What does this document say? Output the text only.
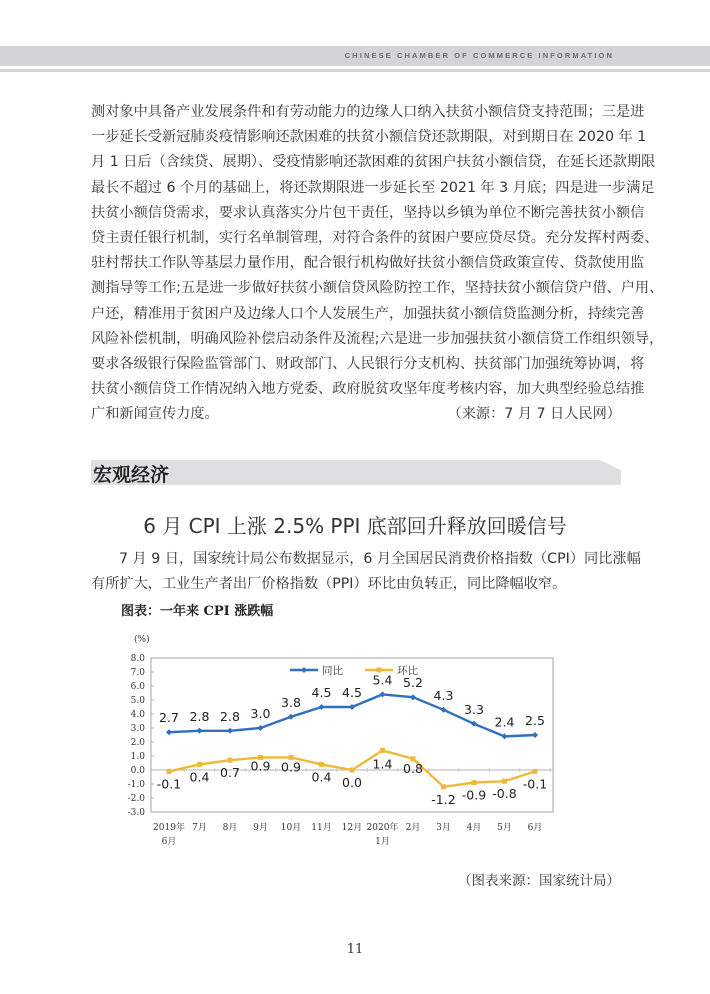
CHINESE CHAMBER OF COMMERCE INFORMATION
测对象中具备产业发展条件和有劳动能力的边缘人口纳入扶贫小额信贷支持范围；三是进
一步延长受新冠肺炎疫情影响还款困难的扶贫小额信贷还款期限，对到期日在 2020 年 1
月 1 日后（含续贷、展期）、受疫情影响还款困难的贫困户扶贫小额信贷，在延长还款期限
最长不超过 6 个月的基础上，将还款期限进一步延长至 2021 年 3 月底；四是进一步满足
扶贫小额信贷需求，要求认真落实分片包干责任，坚持以乡镇为单位不断完善扶贫小额信
贷主责任银行机制，实行名单制管理，对符合条件的贫困户要应贷尽贷。充分发挥村两委、
驻村帮扶工作队等基层力量作用，配合银行机构做好扶贫小额信贷政策宣传、贷款使用监
测指导等工作;五是进一步做好扶贫小额信贷风险防控工作，坚持扶贫小额信贷户借、户用、
户还，精准用于贫困户及边缘人口个人发展生产，加强扶贫小额信贷监测分析，持续完善
风险补偿机制，明确风险补偿启动条件及流程;六是进一步加强扶贫小额信贷工作组织领导，
要求各级银行保险监管部门、财政部门、人民银行分支机构、扶贫部门加强统筹协调，将
扶贫小额信贷工作情况纳入地方党委、政府脱贫攻坚年度考核内容，加大典型经验总结推
广和新闻宣传力度。	（来源：7 月 7 日人民网）
宏观经济
6 月 CPI 上涨 2.5% PPI 底部回升释放回暖信号
7 月 9 日，国家统计局公布数据显示，6 月全国居民消费价格指数（CPI）同比涨幅
有所扩大，工业生产者出厂价格指数（PPI）环比由负转正，同比降幅收窄。
图表：一年来 CPI 涨跌幅
(%)
8.0
7.0
6.0
5.0
4.0
3.0
2.0
1.0
0.0
-1.0
-2.0
-3.0
2019年
6月
7月 8月 9月 10月 11月 12月 2020年
1月
2月 3月 4月 5月 6月
2.7 2.8 2.8 3.0
3.8
4.5 4.5
5.4 5.2
4.3
3.3
2.4 2.5
-0.1 0.4 0.7 0.9 0.9
0.4 0.0
1.4 0.8
-1.2 -0.9 -0.8
-0.1
同比	环比
（图表来源：国家统计局）
11
